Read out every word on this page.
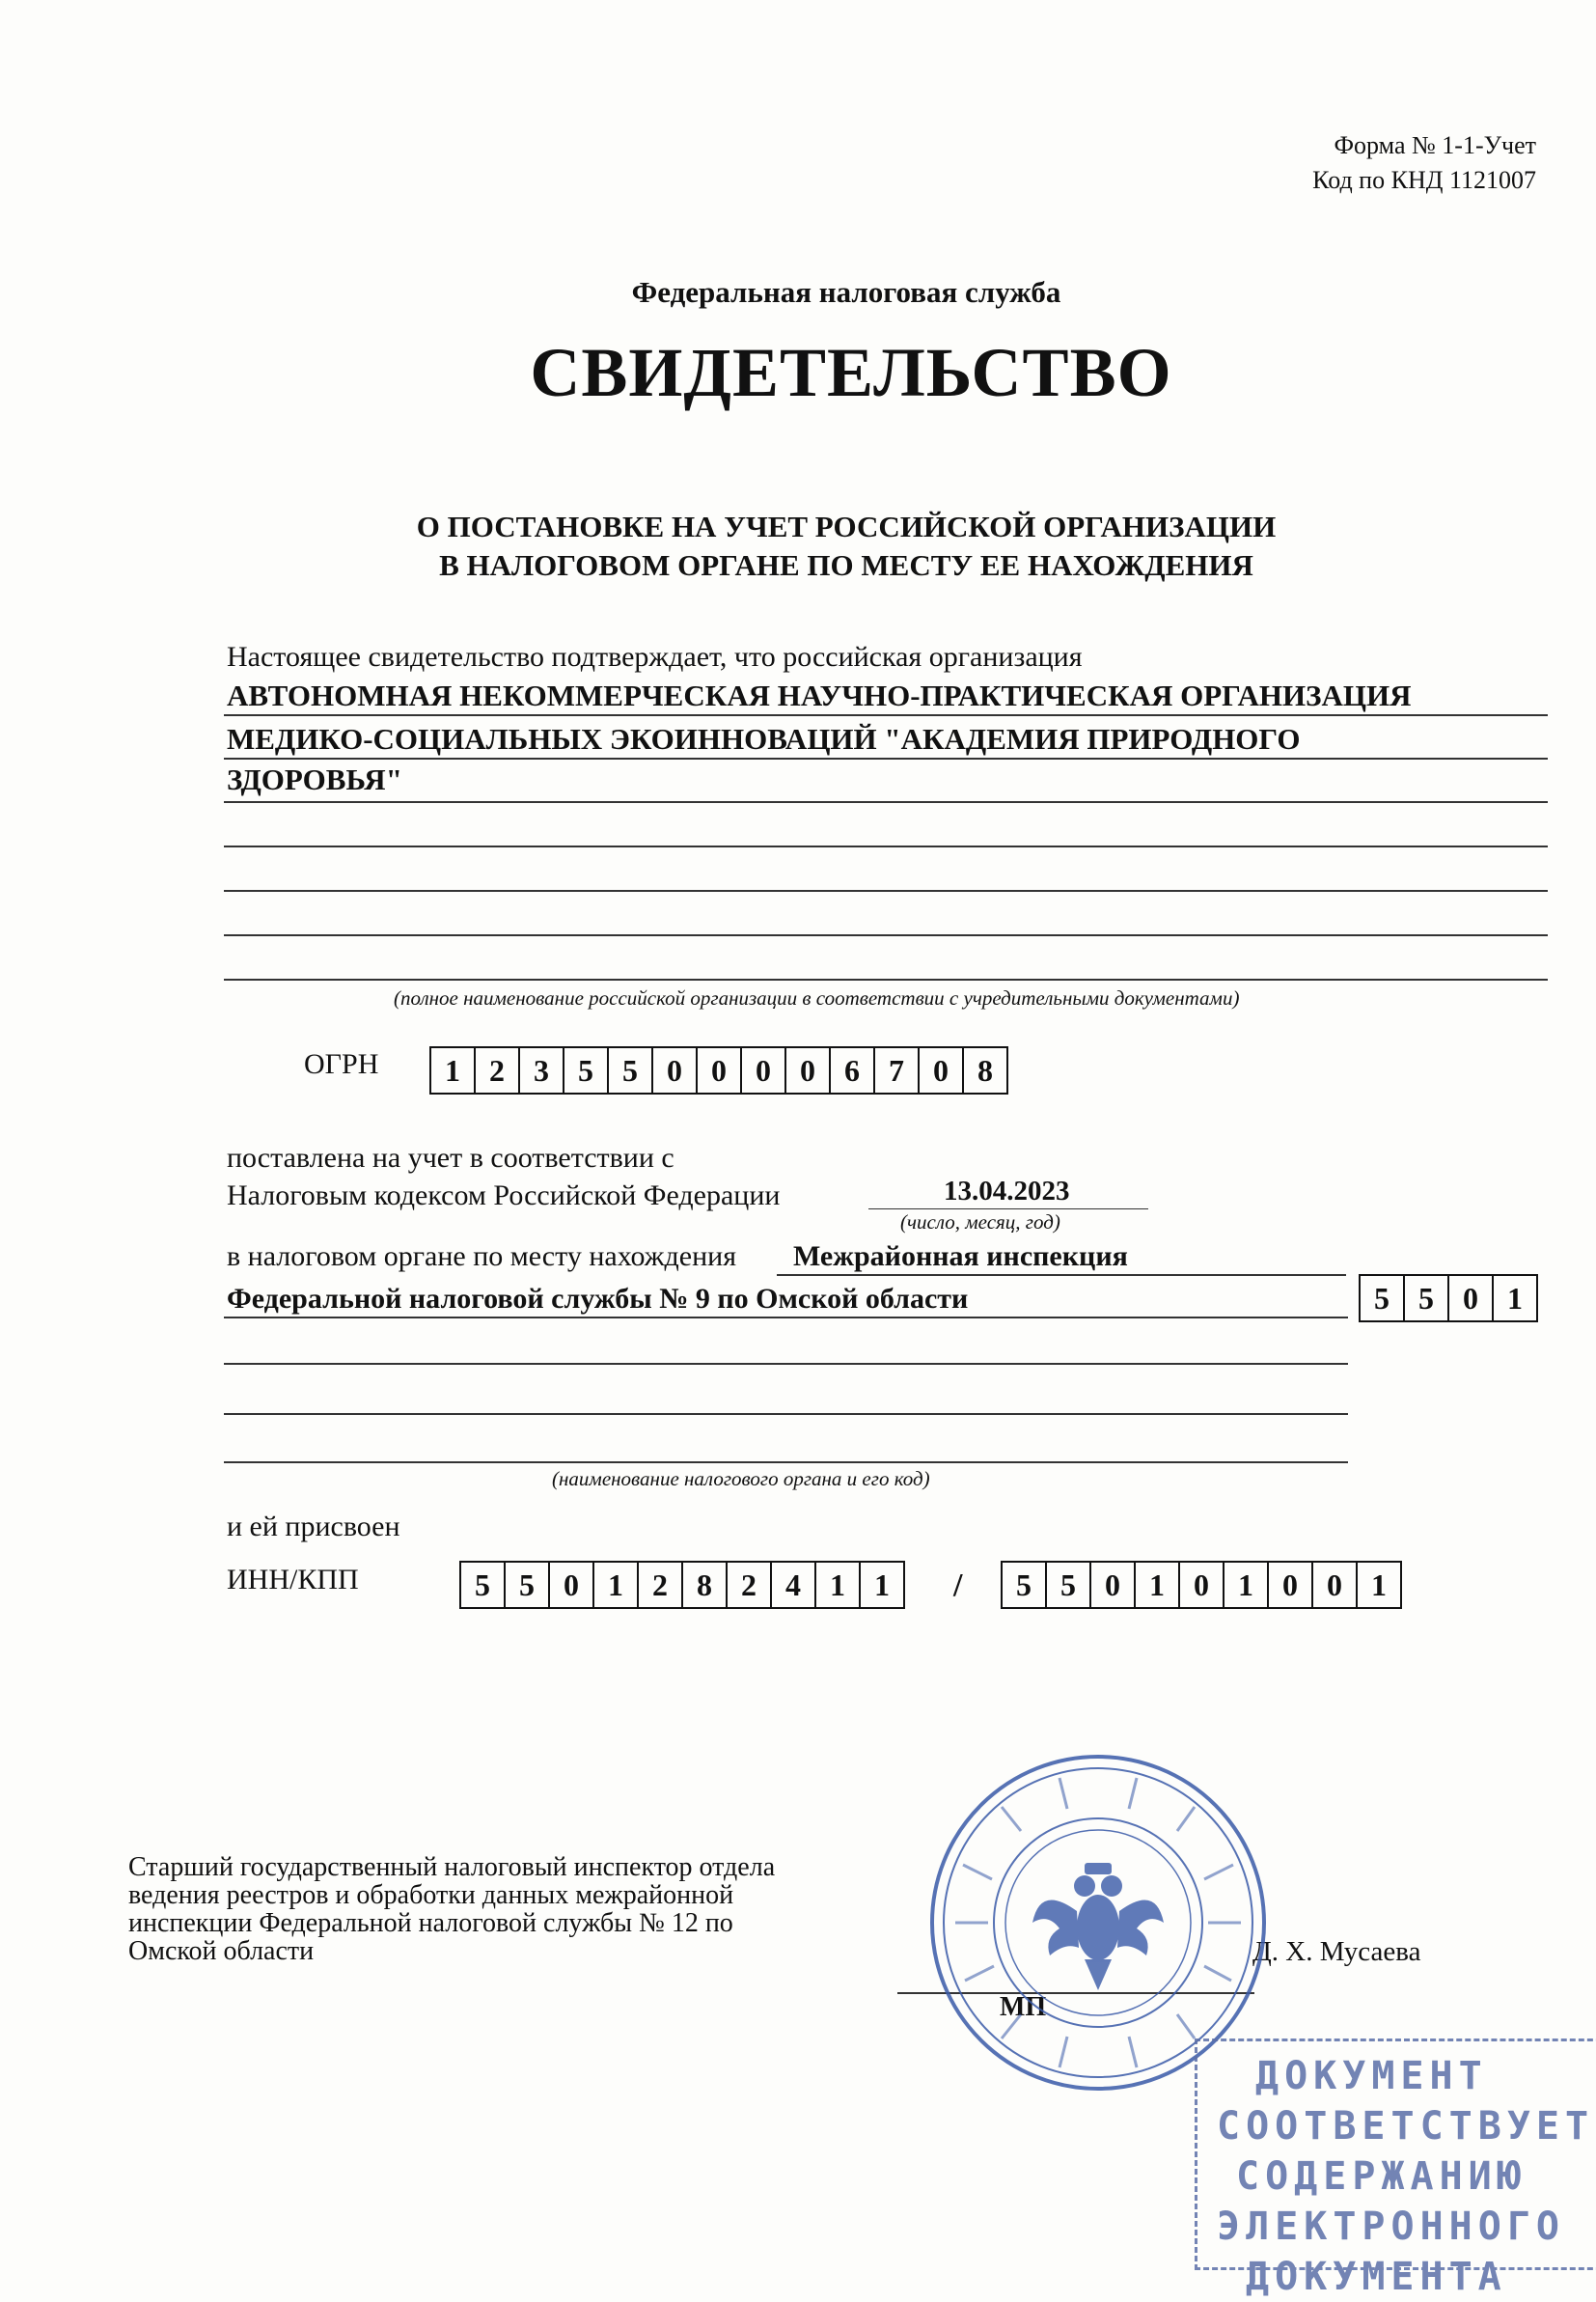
Форма № 1-1-Учет
Код по КНД 1121007
Федеральная налоговая служба
СВИДЕТЕЛЬСТВО
О ПОСТАНОВКЕ НА УЧЕТ РОССИЙСКОЙ ОРГАНИЗАЦИИ
В НАЛОГОВОМ ОРГАНЕ ПО МЕСТУ ЕЕ НАХОЖДЕНИЯ
Настоящее свидетельство подтверждает, что российская организация
АВТОНОМНАЯ НЕКОММЕРЧЕСКАЯ НАУЧНО-ПРАКТИЧЕСКАЯ ОРГАНИЗАЦИЯ
МЕДИКО-СОЦИАЛЬНЫХ ЭКОИННОВАЦИЙ "АКАДЕМИЯ ПРИРОДНОГО
ЗДОРОВЬЯ"
(полное наименование российской организации в соответствии с учредительными документами)
ОГРН	1 2 3 5 5 0 0 0 0 6 7 0 8
поставлена на учет в соответствии с
Налоговым кодексом Российской Федерации	13.04.2023
(число, месяц, год)
в налоговом органе по месту нахождения Межрайонная инспекция
Федеральной налоговой службы № 9 по Омской области	5 5 0 1
(наименование налогового органа и его код)
и ей присвоен
ИНН/КПП	5 5 0 1 2 8 2 4 1 1	/	5 5 0 1 0 1 0 0 1
Старший государственный налоговый инспектор отдела
ведения реестров и обработки данных межрайонной
инспекции Федеральной налоговой службы № 12 по
Омской области	Д. Х. Мусаева
МП
ДОКУМЕНТ
СООТВЕТСТВУЕТ
СОДЕРЖАНИЮ
ЭЛЕКТРОННОГО
ДОКУМЕНТА
